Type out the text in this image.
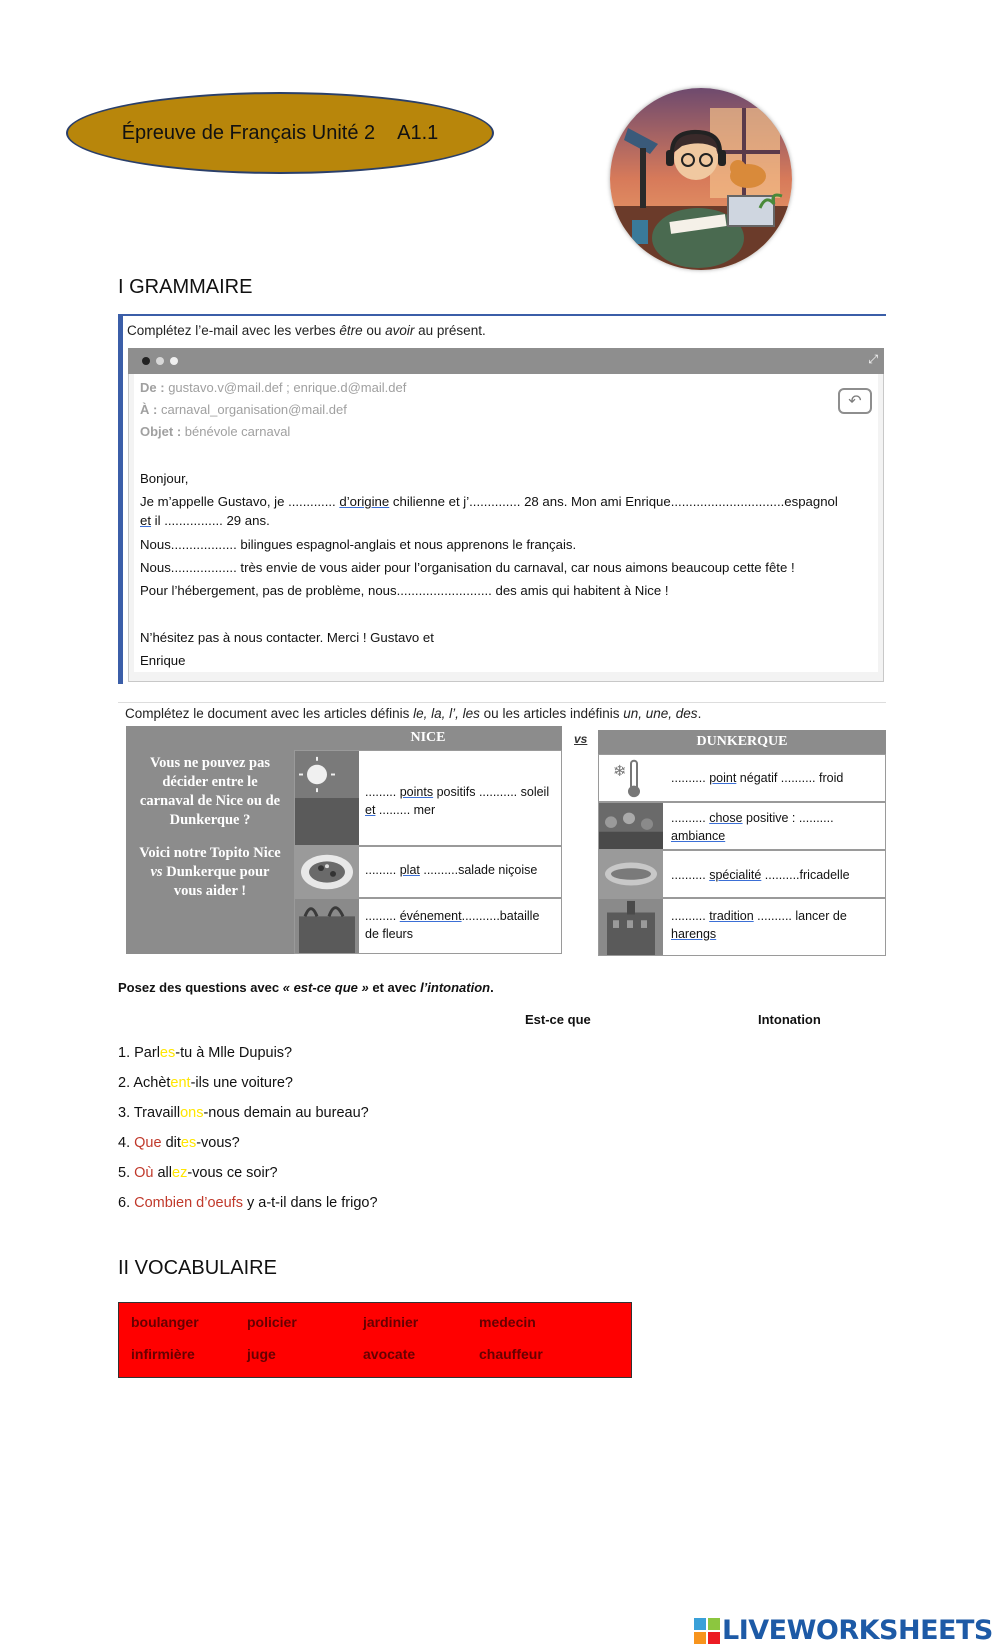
Épreuve de Français Unité 2 A1.1
I GRAMMAIRE
Complétez l’e-mail avec les verbes être ou avoir au présent.
⤢
↶
De : gustavo.v@mail.def ; enrique.d@mail.def
À : carnaval_organisation@mail.def
Objet : bénévole carnaval
Bonjour,
Je m’appelle Gustavo, je ............. d’origine chilienne et j’.............. 28 ans. Mon ami Enrique...............................espagnol
et il ................ 29 ans.
Nous.................. bilingues espagnol-anglais et nous apprenons le français.
Nous.................. très envie de vous aider pour l’organisation du carnaval, car nous aimons beaucoup cette fête !
Pour l’hébergement, pas de problème, nous.......................... des amis qui habitent à Nice !
N’hésitez pas à nous contacter. Merci ! Gustavo et
Enrique
Complétez le document avec les articles définis le, la, l’, les ou les articles indéfinis un, une, des.
Vous ne pouvez pas décider entre le carnaval de Nice ou de Dunkerque ?
Voici notre Topito Nice vs Dunkerque pour vous aider !
NICE
......... points positifs ........... soleil et ......... mer
......... plat ..........salade niçoise
......... événement...........bataille de fleurs
vs	DUNKERQUE
❄	.......... point négatif .......... froid
.......... chose positive : ..........
ambiance
.......... spécialité ..........fricadelle
.......... tradition .......... lancer de
harengs
Posez des questions avec « est-ce que » et avec l’intonation.
Est-ce que	Intonation
1. Parles-tu à Mlle Dupuis?
2. Achètent-ils une voiture?
3. Travaillons-nous demain au bureau?
4. Que dites-vous?
5. Où allez-vous ce soir?
6. Combien d’oeufs y a-t-il dans le frigo?
II VOCABULAIRE
boulanger	policier	jardinier	medecin
infirmière	juge	avocate	chauffeur
LIVEWORKSHEETS
